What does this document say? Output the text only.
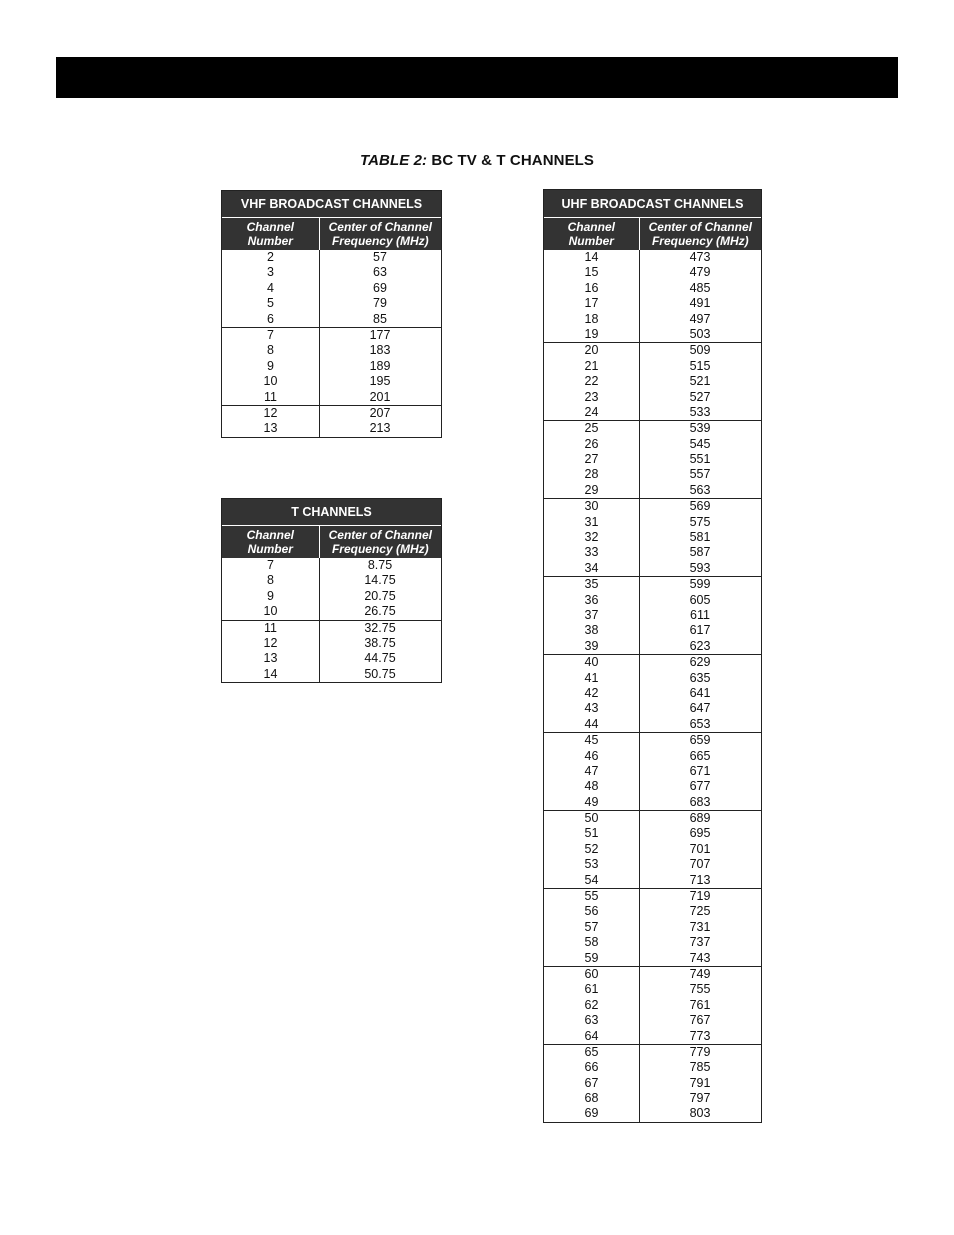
TABLE 2: BC TV & T CHANNELS
VHF BROADCAST CHANNELS
Channel
Number
Center of Channel
Frequency (MHz)
2	57
3	63
4	69
5	79
6	85
7	177
8	183
9	189
10	195
11	201
12	207
13	213
T CHANNELS
Channel
Number
Center of Channel
Frequency (MHz)
7	8.75
8	14.75
9	20.75
10	26.75
11	32.75
12	38.75
13	44.75
14	50.75
UHF BROADCAST CHANNELS
Channel
Number
Center of Channel
Frequency (MHz)
14	473
15	479
16	485
17	491
18	497
19	503
20	509
21	515
22	521
23	527
24	533
25	539
26	545
27	551
28	557
29	563
30	569
31	575
32	581
33	587
34	593
35	599
36	605
37	611
38	617
39	623
40	629
41	635
42	641
43	647
44	653
45	659
46	665
47	671
48	677
49	683
50	689
51	695
52	701
53	707
54	713
55	719
56	725
57	731
58	737
59	743
60	749
61	755
62	761
63	767
64	773
65	779
66	785
67	791
68	797
69	803
